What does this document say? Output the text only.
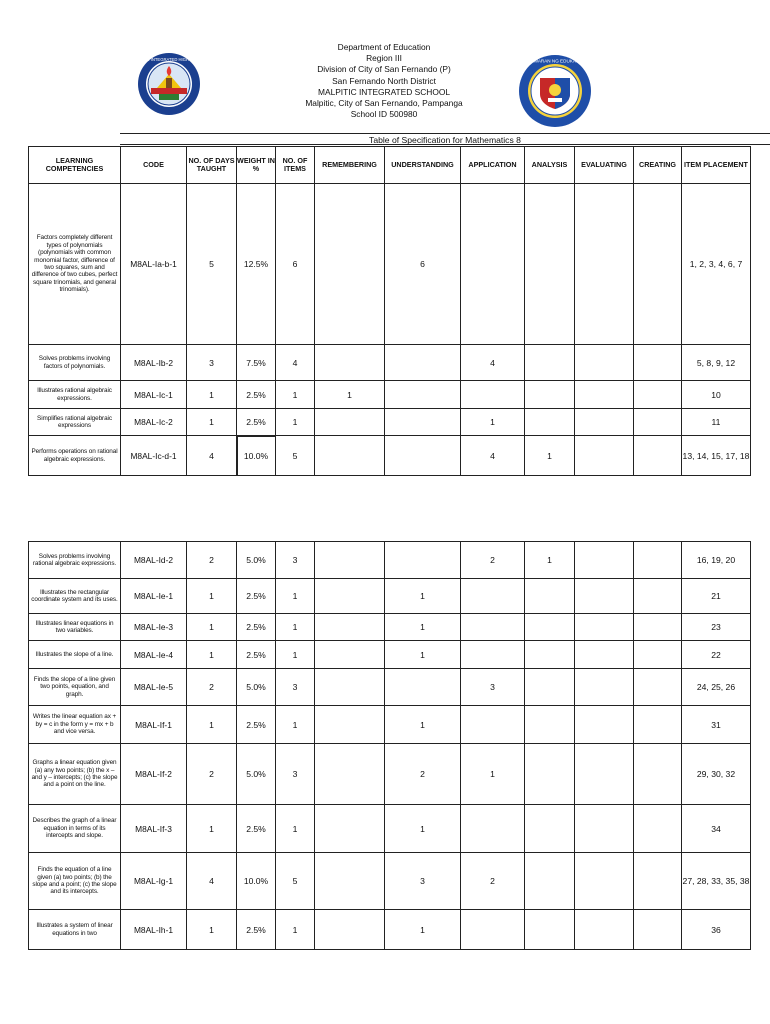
MALPITIC INTEGRATED HIGH SCHOOL
Department of Education
Region III
Division of City of San Fernando (P)
San Fernando North District
MALPITIC INTEGRATED SCHOOL
Malpitic, City of San Fernando, Pampanga
School ID 500980
KAGAWARAN NG EDUKASYON
Table of Specification for Mathematics 8
LEARNING COMPETENCIES	CODE	NO. OF DAYS TAUGHT	WEIGHT IN %	NO. OF ITEMS	REMEMBERING	UNDERSTANDING	APPLICATION	ANALYSIS	EVALUATING	CREATING	ITEM PLACEMENT
Factors completely different types of polynomials (polynomials with common monomial factor, difference of two squares, sum and difference of two cubes, perfect square trinomials, and general trinomials).	M8AL-Ia-b-1	5	12.5%	6		6					1, 2, 3, 4, 6, 7
Solves problems involving factors of polynomials.	M8AL-Ib-2	3	7.5%	4			4				5, 8, 9, 12
Illustrates rational algebraic expressions.	M8AL-Ic-1	1	2.5%	1	1						10
Simplifies rational algebraic expressions	M8AL-Ic-2	1	2.5%	1			1				11
Performs operations on rational algebraic expressions.	M8AL-Ic-d-1	4	10.0%	5			4	1			13, 14, 15, 17, 18
Solves problems involving rational algebraic expressions.	M8AL-Id-2	2	5.0%	3			2	1			16, 19, 20
Illustrates the rectangular coordinate system and its uses.	M8AL-Ie-1	1	2.5%	1		1					21
Illustrates linear equations in two variables.	M8AL-Ie-3	1	2.5%	1		1					23
Illustrates the slope of a line.	M8AL-Ie-4	1	2.5%	1		1					22
Finds the slope of a line given two points, equation, and graph.	M8AL-Ie-5	2	5.0%	3			3				24, 25, 26
Writes the linear equation ax + by = c in the form y = mx + b and vice versa.	M8AL-If-1	1	2.5%	1		1					31
Graphs a linear equation given (a) any two points; (b) the x – and y – intercepts; (c) the slope and a point on the line.	M8AL-If-2	2	5.0%	3		2	1				29, 30, 32
Describes the graph of a linear equation in terms of its intercepts and slope.	M8AL-If-3	1	2.5%	1		1					34
Finds the equation of a line given (a) two points; (b) the slope and a point; (c) the slope and its intercepts.	M8AL-Ig-1	4	10.0%	5		3	2				27, 28, 33, 35, 38
Illustrates a system of linear equations in two	M8AL-Ih-1	1	2.5%	1		1					36
